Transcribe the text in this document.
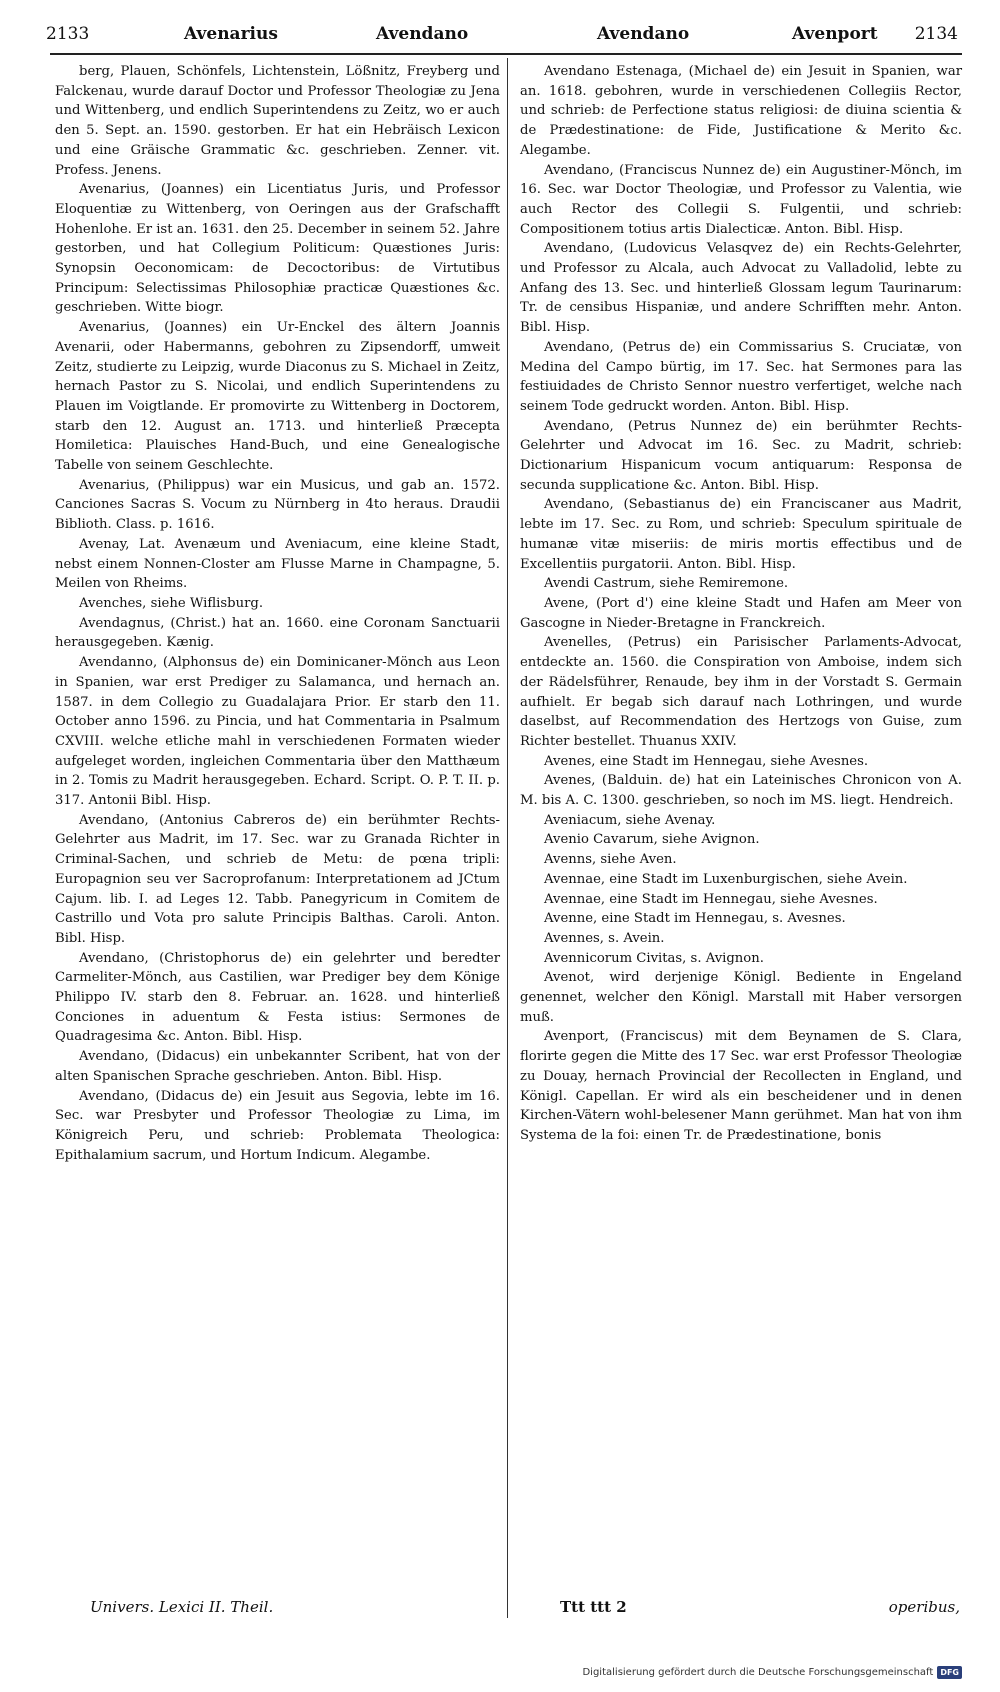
2133	Avenarius	Avendano	Avendano	Avenport 2134

berg, Plauen, Schönfels, Lichtenstein, Lößnitz, Freyberg und Falckenau, wurde darauf Doctor und Professor Theologiæ zu Jena und Wittenberg, und endlich Superintendens zu Zeitz, wo er auch den 5. Sept. an. 1590. gestorben. Er hat ein Hebräisch Lexicon und eine Gräische Grammatic &c. geschrieben. Zenner. vit. Profess. Jenens.

Avenarius, (Joannes) ein Licentiatus Juris, und Professor Eloquentiæ zu Wittenberg, von Oeringen aus der Grafschafft Hohenlohe. Er ist an. 1631. den 25. December in seinem 52. Jahre gestorben, und hat Collegium Politicum: Quæstiones Juris: Synopsin Oeconomicam: de Decoctoribus: de Virtutibus Principum: Selectissimas Philosophiæ practicæ Quæstiones &c. geschrieben. Witte biogr.

Avenarius, (Joannes) ein Ur-Enckel des ältern Joannis Avenarii, oder Habermanns, gebohren zu Zipsendorff, umweit Zeitz, studierte zu Leipzig, wurde Diaconus zu S. Michael in Zeitz, hernach Pastor zu S. Nicolai, und endlich Superintendens zu Plauen im Voigtlande. Er promovirte zu Wittenberg in Doctorem, starb den 12. August an. 1713. und hinterließ Præcepta Homiletica: Plauisches Hand-Buch, und eine Genealogische Tabelle von seinem Geschlechte.

Avenarius, (Philippus) war ein Musicus, und gab an. 1572. Canciones Sacras S. Vocum zu Nürnberg in 4to heraus. Draudii Biblioth. Class. p. 1616.

Avenay, Lat. Avenæum und Aveniacum, eine kleine Stadt, nebst einem Nonnen-Closter am Flusse Marne in Champagne, 5. Meilen von Rheims.

Avenches, siehe Wiflisburg.

Avendagnus, (Christ.) hat an. 1660. eine Coronam Sanctuarii herausgegeben. Kænig.

Avendanno, (Alphonsus de) ein Dominicaner-Mönch aus Leon in Spanien, war erst Prediger zu Salamanca, und hernach an. 1587. in dem Collegio zu Guadalajara Prior. Er starb den 11. October anno 1596. zu Pincia, und hat Commentaria in Psalmum CXVIII. welche etliche mahl in verschiedenen Formaten wieder aufgeleget worden, ingleichen Commentaria über den Matthæum in 2. Tomis zu Madrit herausgegeben. Echard. Script. O. P. T. II. p. 317. Antonii Bibl. Hisp.

Avendano, (Antonius Cabreros de) ein berühmter Rechts-Gelehrter aus Madrit, im 17. Sec. war zu Granada Richter in Criminal-Sachen, und schrieb de Metu: de pœna tripli: Europagnion seu ver Sacroprofanum: Interpretationem ad JCtum Cajum. lib. I. ad Leges 12. Tabb. Panegyricum in Comitem de Castrillo und Vota pro salute Principis Balthas. Caroli. Anton. Bibl. Hisp.

Avendano, (Christophorus de) ein gelehrter und beredter Carmeliter-Mönch, aus Castilien, war Prediger bey dem Könige Philippo IV. starb den 8. Februar. an. 1628. und hinterließ Conciones in aduentum & Festa istius: Sermones de Quadragesima &c. Anton. Bibl. Hisp.

Avendano, (Didacus) ein unbekannter Scribent, hat von der alten Spanischen Sprache geschrieben. Anton. Bibl. Hisp.

Avendano, (Didacus de) ein Jesuit aus Segovia, lebte im 16. Sec. war Presbyter und Professor Theologiæ zu Lima, im Königreich Peru, und schrieb: Problemata Theologica: Epithalamium sacrum, und Hortum Indicum. Alegambe.

Avendano Estenaga, (Michael de) ein Jesuit in Spanien, war an. 1618. gebohren, wurde in verschiedenen Collegiis Rector, und schrieb: de Perfectione status religiosi: de diuina scientia & de Prædestinatione: de Fide, Justificatione & Merito &c. Alegambe.

Avendano, (Franciscus Nunnez de) ein Augustiner-Mönch, im 16. Sec. war Doctor Theologiæ, und Professor zu Valentia, wie auch Rector des Collegii S. Fulgentii, und schrieb: Compositionem totius artis Dialecticæ. Anton. Bibl. Hisp.

Avendano, (Ludovicus Velasqvez de) ein Rechts-Gelehrter, und Professor zu Alcala, auch Advocat zu Valladolid, lebte zu Anfang des 13. Sec. und hinterließ Glossam legum Taurinarum: Tr. de censibus Hispaniæ, und andere Schrifften mehr. Anton. Bibl. Hisp.

Avendano, (Petrus de) ein Commissarius S. Cruciatæ, von Medina del Campo bürtig, im 17. Sec. hat Sermones para las festiuidades de Christo Sennor nuestro verfertiget, welche nach seinem Tode gedruckt worden. Anton. Bibl. Hisp.

Avendano, (Petrus Nunnez de) ein berühmter Rechts-Gelehrter und Advocat im 16. Sec. zu Madrit, schrieb: Dictionarium Hispanicum vocum antiquarum: Responsa de secunda supplicatione &c. Anton. Bibl. Hisp.

Avendano, (Sebastianus de) ein Franciscaner aus Madrit, lebte im 17. Sec. zu Rom, und schrieb: Speculum spirituale de humanæ vitæ miseriis: de miris mortis effectibus und de Excellentiis purgatorii. Anton. Bibl. Hisp.

Avendi Castrum, siehe Remiremone.

Avene, (Port d') eine kleine Stadt und Hafen am Meer von Gascogne in Nieder-Bretagne in Franckreich.

Avenelles, (Petrus) ein Parisischer Parlaments-Advocat, entdeckte an. 1560. die Conspiration von Amboise, indem sich der Rädelsführer, Renaude, bey ihm in der Vorstadt S. Germain aufhielt. Er begab sich darauf nach Lothringen, und wurde daselbst, auf Recommendation des Hertzogs von Guise, zum Richter bestellet. Thuanus XXIV.

Avenes, eine Stadt im Hennegau, siehe Avesnes.

Avenes, (Balduin. de) hat ein Lateinisches Chronicon von A. M. bis A. C. 1300. geschrieben, so noch im MS. liegt. Hendreich.

Aveniacum, siehe Avenay.

Avenio Cavarum, siehe Avignon.

Avenns, siehe Aven.

Avennae, eine Stadt im Luxenburgischen, siehe Avein.

Avennae, eine Stadt im Hennegau, siehe Avesnes.

Avenne, eine Stadt im Hennegau, s. Avesnes.

Avennes, s. Avein.

Avennicorum Civitas, s. Avignon.

Avenot, wird derjenige Königl. Bediente in Engeland genennet, welcher den Königl. Marstall mit Haber versorgen muß.

Avenport, (Franciscus) mit dem Beynamen de S. Clara, florirte gegen die Mitte des 17 Sec. war erst Professor Theologiæ zu Douay, hernach Provincial der Recollecten in England, und Königl. Capellan. Er wird als ein bescheidener und in denen Kirchen-Vätern wohl-belesener Mann gerühmet. Man hat von ihm Systema de la foi: einen Tr. de Prædestinatione, bonis

Univers. Lexici II. Theil.	Ttt ttt 2	operibus,
Digitalisierung gefördert durch die Deutsche Forschungsgemeinschaft DFG
